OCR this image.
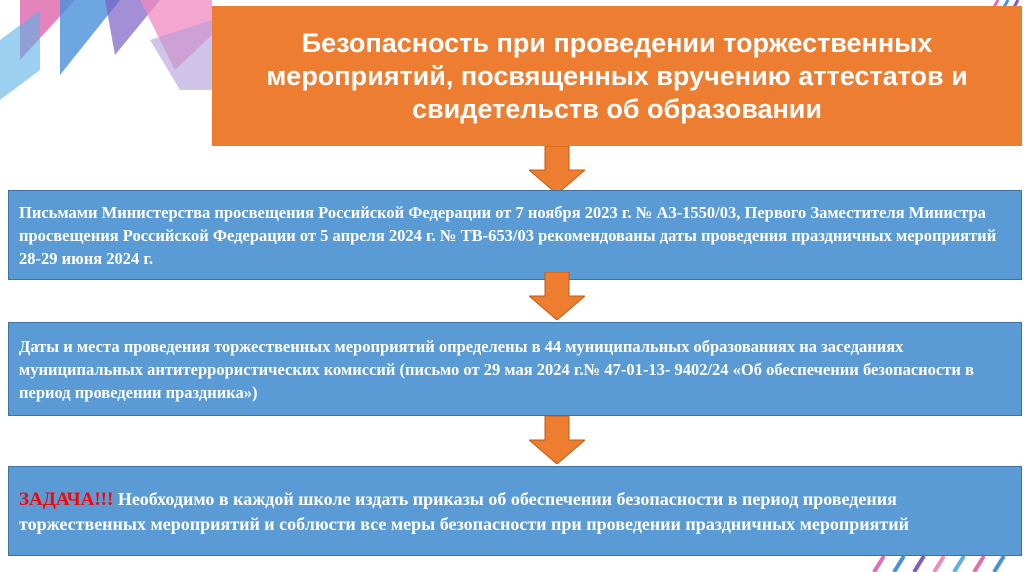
Безопасность при проведении торжественных мероприятий, посвященных вручению аттестатов и свидетельств об образовании
Письмами Министерства просвещения Российской Федерации от 7 ноября 2023 г. № АЗ-1550/03, Первого Заместителя Министра просвещения Российской Федерации от 5 апреля 2024 г. № ТВ-653/03 рекомендованы даты проведения праздничных мероприятий 28-29 июня 2024 г.
Даты и места проведения торжественных мероприятий определены в 44 муниципальных образованиях на заседаниях муниципальных антитеррористических комиссий (письмо от 29 мая 2024 г.№ 47-01-13- 9402/24 «Об обеспечении безопасности в период проведении праздника»)
ЗАДАЧА!!! Необходимо в каждой школе издать приказы об обеспечении безопасности в период проведения торжественных мероприятий и соблюсти все меры безопасности при проведении праздничных мероприятий
